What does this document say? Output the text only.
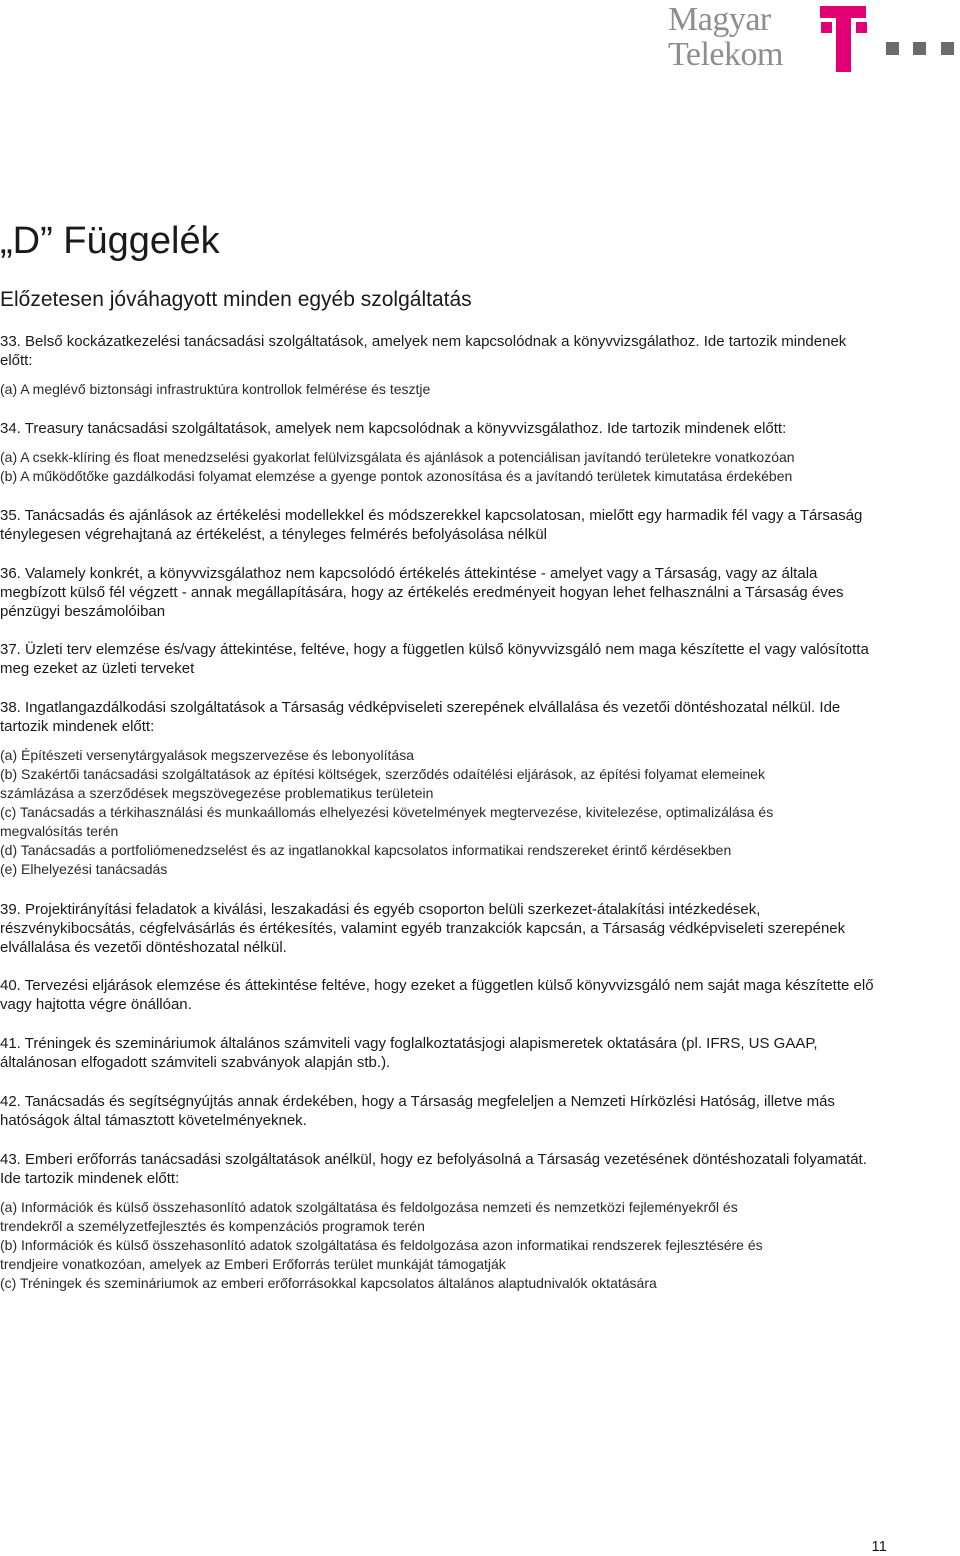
Magyar
Telekom
„D” Függelék
Előzetesen jóváhagyott minden egyéb szolgáltatás
33. Belső kockázatkezelési tanácsadási szolgáltatások, amelyek nem kapcsolódnak a könyvvizsgálathoz. Ide tartozik mindenek
előtt:
(a) A meglévő biztonsági infrastruktúra kontrollok felmérése és tesztje
34. Treasury tanácsadási szolgáltatások, amelyek nem kapcsolódnak a könyvvizsgálathoz. Ide tartozik mindenek előtt:
(a) A csekk-klíring és float menedzselési gyakorlat felülvizsgálata és ajánlások a potenciálisan javítandó területekre vonatkozóan
(b) A működőtőke gazdálkodási folyamat elemzése a gyenge pontok azonosítása és a javítandó területek kimutatása érdekében
35. Tanácsadás és ajánlások az értékelési modellekkel és módszerekkel kapcsolatosan, mielőtt egy harmadik fél vagy a Társaság
ténylegesen végrehajtaná az értékelést, a tényleges felmérés befolyásolása nélkül
36. Valamely konkrét, a könyvvizsgálathoz nem kapcsolódó értékelés áttekintése - amelyet vagy a Társaság, vagy az általa
megbízott külső fél végzett - annak megállapítására, hogy az értékelés eredményeit hogyan lehet felhasználni a Társaság éves
pénzügyi beszámolóiban
37. Üzleti terv elemzése és/vagy áttekintése, feltéve, hogy a független külső könyvvizsgáló nem maga készítette el vagy valósította
meg ezeket az üzleti terveket
38. Ingatlangazdálkodási szolgáltatások a Társaság védképviseleti szerepének elvállalása és vezetői döntéshozatal nélkül. Ide
tartozik mindenek előtt:
(a) Építészeti versenytárgyalások megszervezése és lebonyolítása
(b) Szakértői tanácsadási szolgáltatások az építési költségek, szerződés odaítélési eljárások, az építési folyamat elemeinek
számlázása a szerződések megszövegezése problematikus területein
(c) Tanácsadás a térkihasználási és munkaállomás elhelyezési követelmények megtervezése, kivitelezése, optimalizálása és
megvalósítás terén
(d) Tanácsadás a portfoliómenedzselést és az ingatlanokkal kapcsolatos informatikai rendszereket érintő kérdésekben
(e) Elhelyezési tanácsadás
39. Projektirányítási feladatok a kiválási, leszakadási és egyéb csoporton belüli szerkezet-átalakítási intézkedések,
részvénykibocsátás, cégfelvásárlás és értékesítés, valamint egyéb tranzakciók kapcsán, a Társaság védképviseleti szerepének
elvállalása és vezetői döntéshozatal nélkül.
40. Tervezési eljárások elemzése és áttekintése feltéve, hogy ezeket a független külső könyvvizsgáló nem saját maga készítette elő
vagy hajtotta végre önállóan.
41. Tréningek és szemináriumok általános számviteli vagy foglalkoztatásjogi alapismeretek oktatására (pl. IFRS, US GAAP,
általánosan elfogadott számviteli szabványok alapján stb.).
42. Tanácsadás és segítségnyújtás annak érdekében, hogy a Társaság megfeleljen a Nemzeti Hírközlési Hatóság, illetve más
hatóságok által támasztott követelményeknek.
43. Emberi erőforrás tanácsadási szolgáltatások anélkül, hogy ez befolyásolná a Társaság vezetésének döntéshozatali folyamatát.
Ide tartozik mindenek előtt:
(a) Információk és külső összehasonlító adatok szolgáltatása és feldolgozása nemzeti és nemzetközi fejleményekről és
trendekről a személyzetfejlesztés és kompenzációs programok terén
(b) Információk és külső összehasonlító adatok szolgáltatása és feldolgozása azon informatikai rendszerek fejlesztésére és
trendjeire vonatkozóan, amelyek az Emberi Erőforrás terület munkáját támogatják
(c) Tréningek és szemináriumok az emberi erőforrásokkal kapcsolatos általános alaptudnivalók oktatására
11
